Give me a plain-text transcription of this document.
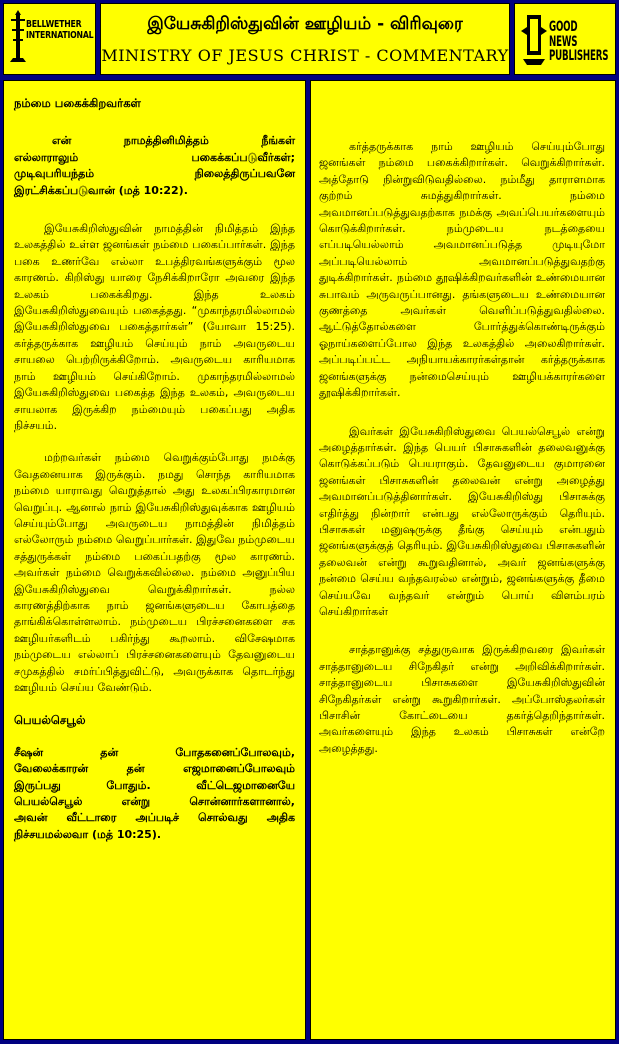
BELLWETHER INTERNATIONAL
இயேசுகிறிஸ்துவின் ஊழியம் - விரிவுரை
MINISTRY OF JESUS CHRIST - COMMENTARY
GOOD NEWS PUBLISHERS
நம்மை பகைக்கிறவர்கள்
என் நாமத்தினிமித்தம் நீங்கள்
எல்லாராலும் பகைக்கப்படுவீர்கள்;
முடிவுபரியந்தம் நிலைத்திருப்பவனே
இரட்சிக்கப்படுவான் (மத் 10:22).
இயேசுகிறிஸ்துவின் நாமத்தின் நிமித்தம் இந்த உலகத்தில் உள்ள ஜனங்கள் நம்மை பகைப்பார்கள். இந்த பகை உணர்வே எல்லா உபத்திரவங்களுக்கும் மூல காரணம். கிறிஸ்து யாரை நேசிக்கிறாரோ அவரை இந்த உலகம் பகைக்கிறது. இந்த உலகம் இயேசுகிறிஸ்துவையும் பகைத்தது. “முகாந்தரமில்லாமல் இயேசுகிறிஸ்துவை பகைத்தார்கள்” (யோவா 15:25). கர்த்தருக்காக ஊழியம் செய்யும் நாம் அவருடைய சாயலை பெற்றிருக்கிறோம். அவருடைய காரியமாக நாம் ஊழியம் செய்கிறோம். முகாந்தரமில்லாமல் இயேசுகிறிஸ்துவை பகைத்த இந்த உலகம், அவருடைய சாயலாக இருக்கிற நம்மையும் பகைப்பது அதிக நிச்சயம்.
மற்றவர்கள் நம்மை வெறுக்கும்போது நமக்கு வேதனையாக இருக்கும். நமது சொந்த காரியமாக நம்மை யாராவது வெறுத்தால் அது உலகப்பிரகாரமான வெறுப்பு. ஆனால் நாம் இயேசுகிறிஸ்துவுக்காக ஊழியம் செய்யும்போது அவருடைய நாமத்தின் நிமித்தம் எல்லோரும் நம்மை வெறுப்பார்கள். இதுவே நம்முடைய சத்துருக்கள் நம்மை பகைப்பதற்கு மூல காரணம். அவர்கள் நம்மை வெறுக்கவில்லை. நம்மை அனுப்பிய இயேசுகிறிஸ்துவை வெறுக்கிறார்கள். நல்ல காரணத்திற்காக நாம் ஜனங்களுடைய கோபத்தை தாங்கிக்கொள்ளலாம். நம்முடைய பிரச்சனைகளை சக ஊழியர்களிடம் பகிர்ந்து கூறலாம். விசேஷமாக நம்முடைய எல்லாப் பிரச்சனைகளையும் தேவனுடைய சமுகத்தில் சமர்ப்பித்துவிட்டு, அவருக்காக தொடர்ந்து ஊழியம் செய்ய வேண்டும்.
பெயல்செபூல்
சீஷன் தன் போதகனைப்போலவும்,
வேலைக்காரன் தன் எஜமானைப்போலவும்
இருப்பது போதும். வீட்டெஜமானையே
பெயல்செபூல் என்று சொன்னார்களானால்,
அவன் வீட்டாரை அப்படிச் சொல்வது அதிக
நிச்சயமல்லவா (மத் 10:25).
கர்த்தருக்காக நாம் ஊழியம் செய்யும்போது ஜனங்கள் நம்மை பகைக்கிறார்கள். வெறுக்கிறார்கள். அத்தோடு நின்றுவிடுவதில்லை. நம்மீது தாராளமாக குற்றம் சுமத்துகிறார்கள். நம்மை அவமானப்படுத்துவதற்காக நமக்கு அவப்பெயர்களையும் கொடுக்கிறார்கள். நம்முடைய நடத்தையை எப்படியெல்லாம் அவமானப்படுத்த முடியுமோ அப்படியெல்லாம் அவமானப்படுத்துவதற்கு துடிக்கிறார்கள். நம்மை தூஷிக்கிறவர்களின் உண்மையான சுபாவம் அருவருப்பானது. தங்களுடைய உண்மையான குணத்தை அவர்கள் வெளிப்படுத்துவதில்லை. ஆட்டுத்தோல்களை போர்த்துக்கொண்டிருக்கும் ஓநாய்களைப்போல இந்த உலகத்தில் அலைகிறார்கள். அப்படிப்பட்ட அநியாயக்காரர்கள்தான் கர்த்தருக்காக ஜனங்களுக்கு நன்மைசெய்யும் ஊழியக்காரர்களை தூஷிக்கிறார்கள்.
இவர்கள் இயேசுகிறிஸ்துவை பெயல்செபூல் என்று அழைத்தார்கள். இந்த பெயர் பிசாசுகளின் தலைவனுக்கு கொடுக்கப்படும் பெயராகும். தேவனுடைய குமாரனை ஜனங்கள் பிசாசுகளின் தலைவன் என்று அழைத்து அவமானப்படுத்தினார்கள். இயேசுகிறிஸ்து பிசாசுக்கு எதிர்த்து நின்றார் என்பது எல்லோருக்கும் தெரியும். பிசாசுகள் மனுஷருக்கு தீங்கு செய்யும் என்பதும் ஜனங்களுக்குத் தெரியும். இயேசுகிறிஸ்துவை பிசாசுகளின் தலைவன் என்று கூறுவதினால், அவர் ஜனங்களுக்கு நன்மை செய்ய வந்தவரல்ல என்றும், ஜனங்களுக்கு தீமை செய்யவே வந்தவர் என்றும் பொய் விளம்பரம் செய்கிறார்கள்
சாத்தானுக்கு சத்துருவாக இருக்கிறவரை இவர்கள் சாத்தானுடைய சிநேகிதர் என்று அறிவிக்கிறார்கள். சாத்தானுடைய பிசாசுகளை இயேசுகிறிஸ்துவின் சிநேகிதர்கள் என்று கூறுகிறார்கள். அப்போஸ்தலர்கள் பிசாசின் கோட்டையை தகர்த்தெறிந்தார்கள். அவர்களையும் இந்த உலகம் பிசாசுகள் என்றே அழைத்தது.
